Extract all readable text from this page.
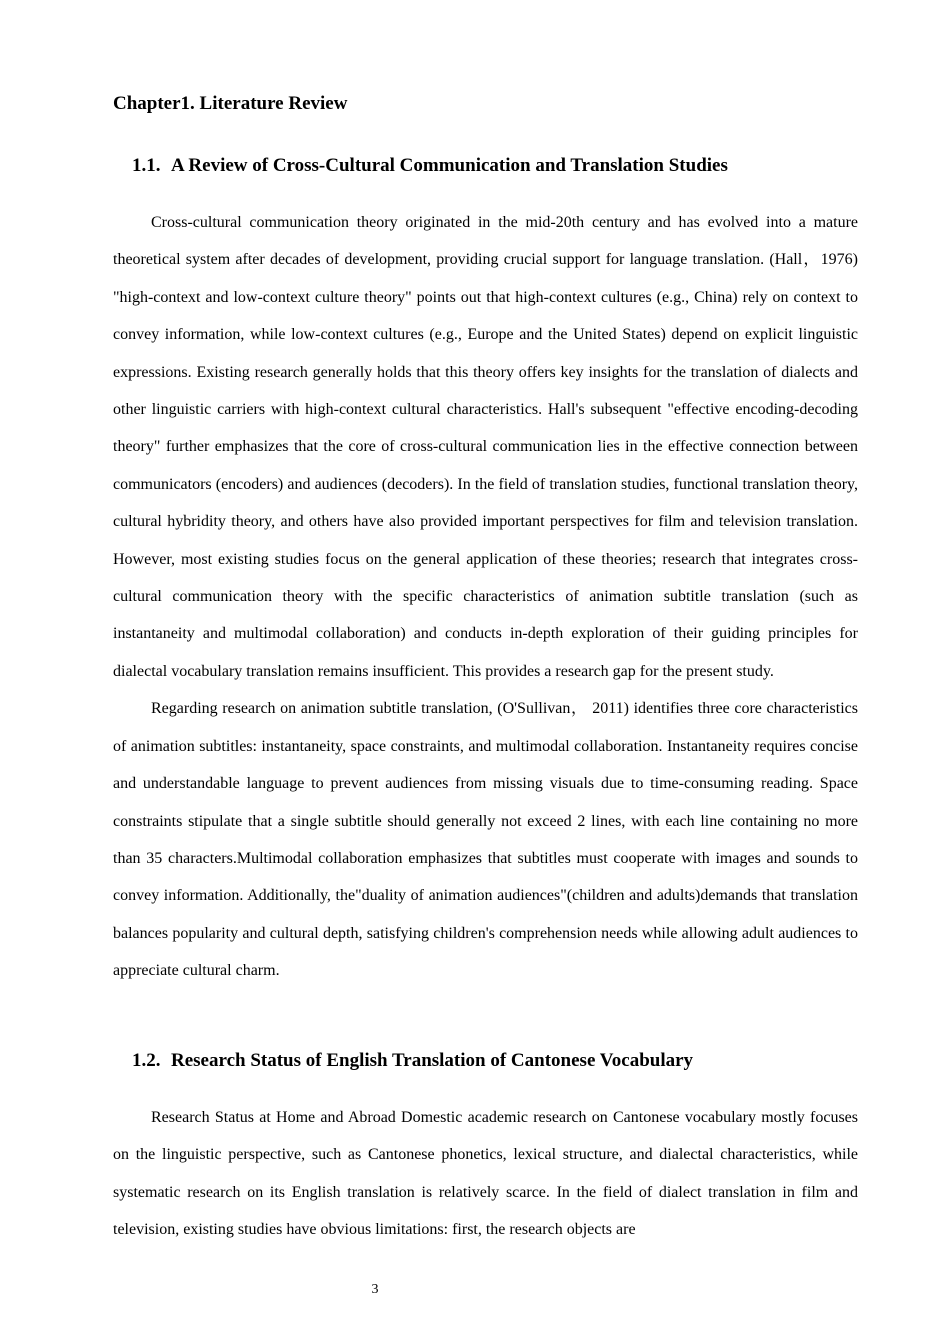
Chapter1. Literature Review
1.1. A Review of Cross-Cultural Communication and Translation Studies

Cross-cultural communication theory originated in the mid-20th century and has evolved into a mature theoretical system after decades of development, providing crucial support for language translation. (Hall，1976) "high-context and low-context culture theory" points out that high-context cultures (e.g., China) rely on context to convey information, while low-context cultures (e.g., Europe and the United States) depend on explicit linguistic expressions. Existing research generally holds that this theory offers key insights for the translation of dialects and other linguistic carriers with high-context cultural characteristics. Hall's subsequent "effective encoding-decoding theory" further emphasizes that the core of cross-cultural communication lies in the effective connection between communicators (encoders) and audiences (decoders). In the field of translation studies, functional translation theory, cultural hybridity theory, and others have also provided important perspectives for film and television translation. However, most existing studies focus on the general application of these theories; research that integrates cross-cultural communication theory with the specific characteristics of animation subtitle translation (such as instantaneity and multimodal collaboration) and conducts in-depth exploration of their guiding principles for dialectal vocabulary translation remains insufficient. This provides a research gap for the present study.

Regarding research on animation subtitle translation, (O'Sullivan， 2011) identifies three core characteristics of animation subtitles: instantaneity, space constraints, and multimodal collaboration. Instantaneity requires concise and understandable language to prevent audiences from missing visuals due to time-consuming reading. Space constraints stipulate that a single subtitle should generally not exceed 2 lines, with each line containing no more than 35 characters.Multimodal collaboration emphasizes that subtitles must cooperate with images and sounds to convey information. Additionally, the"duality of animation audiences"(children and adults)demands that translation balances popularity and cultural depth, satisfying children's comprehension needs while allowing adult audiences to appreciate cultural charm.

1.2. Research Status of English Translation of Cantonese Vocabulary

Research Status at Home and Abroad Domestic academic research on Cantonese vocabulary mostly focuses on the linguistic perspective, such as Cantonese phonetics, lexical structure, and dialectal characteristics, while systematic research on its English translation is relatively scarce. In the field of dialect translation in film and television, existing studies have obvious limitations: first, the research objects are

3
